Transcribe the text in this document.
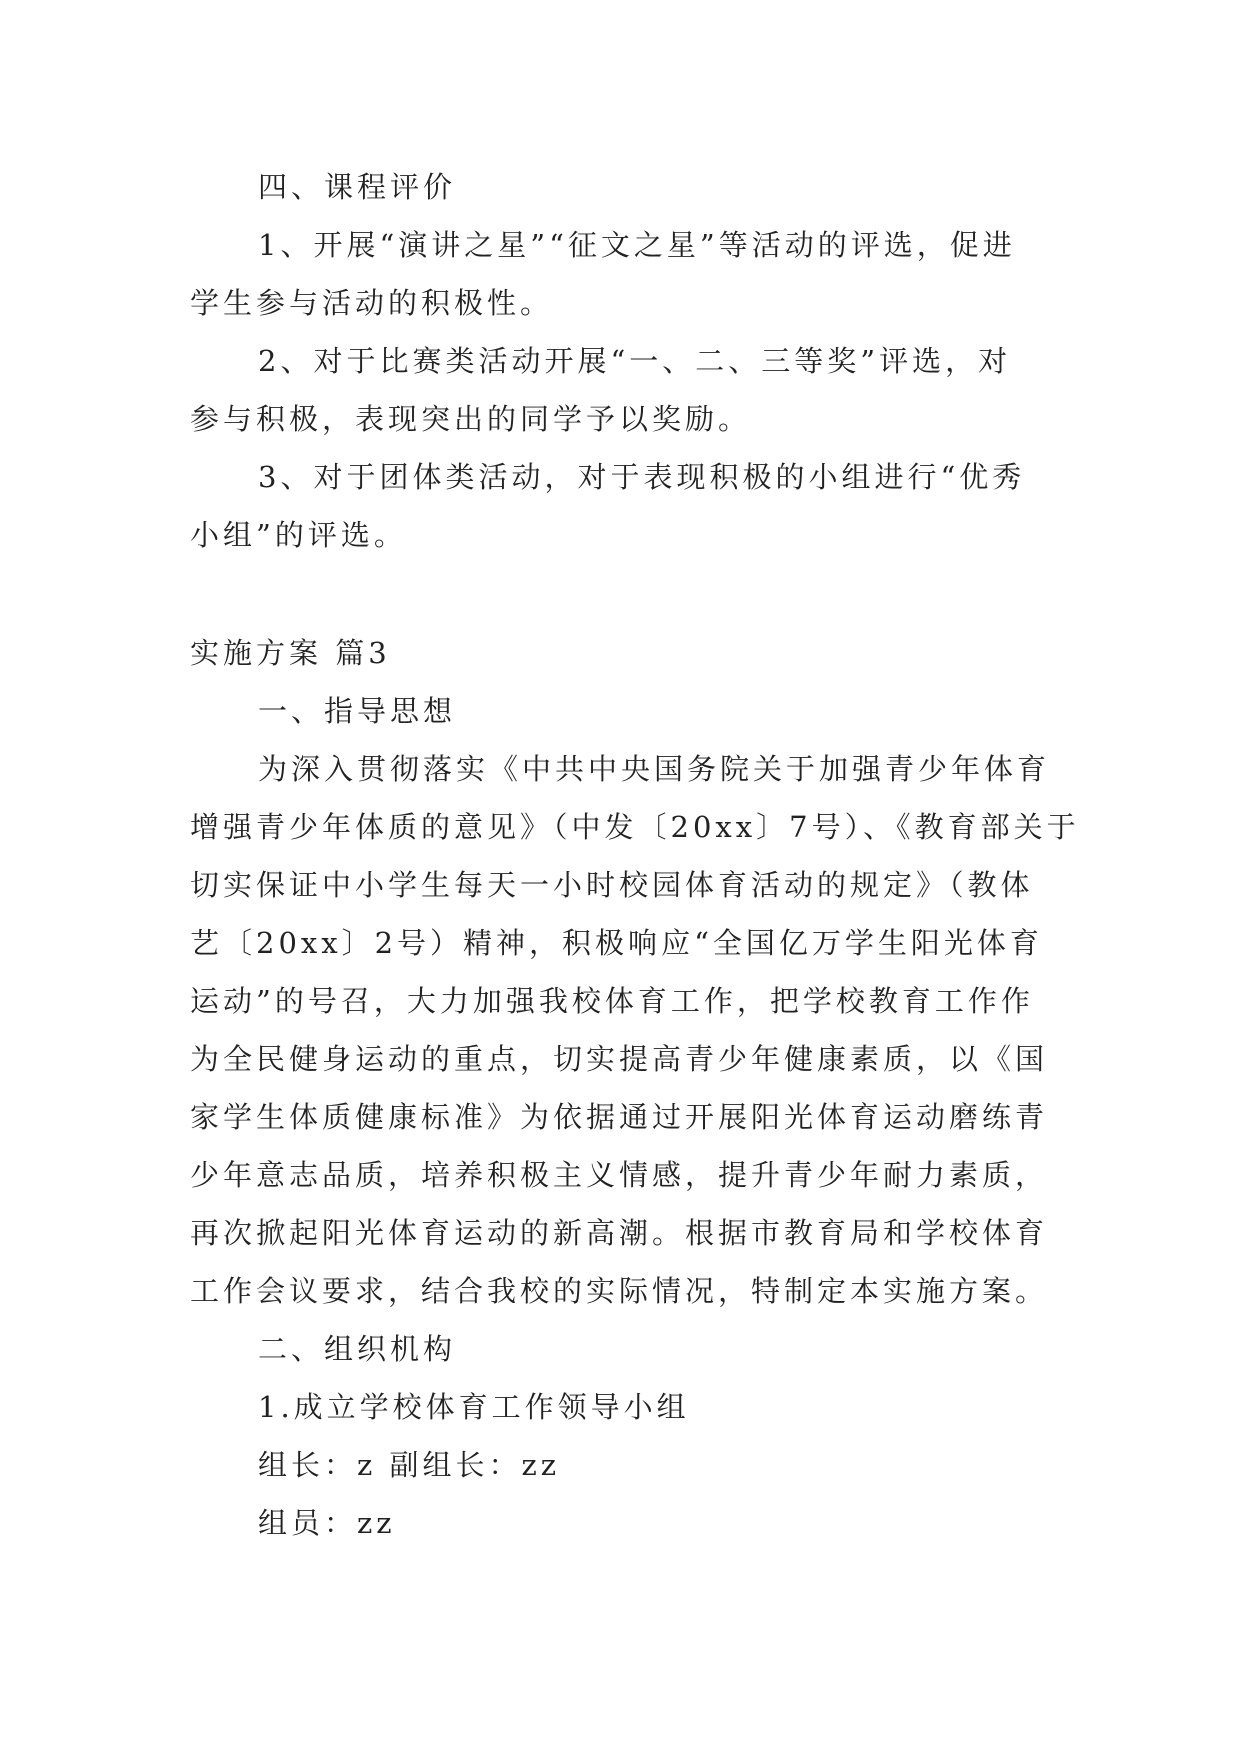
四、课程评价
1、开展“演讲之星”“征文之星”等活动的评选，促进
学生参与活动的积极性。
2、对于比赛类活动开展“一、二、三等奖”评选，对
参与积极，表现突出的同学予以奖励。
3、对于团体类活动，对于表现积极的小组进行“优秀
小组”的评选。
实施方案 篇3
一、指导思想
为深入贯彻落实《中共中央国务院关于加强青少年体育
增强青少年体质的意见》（中发〔20xx〕7号）、《教育部关于
切实保证中小学生每天一小时校园体育活动的规定》（教体
艺〔20xx〕2号）精神，积极响应“全国亿万学生阳光体育
运动”的号召，大力加强我校体育工作，把学校教育工作作
为全民健身运动的重点，切实提高青少年健康素质，以《国
家学生体质健康标准》为依据通过开展阳光体育运动磨练青
少年意志品质，培养积极主义情感，提升青少年耐力素质，
再次掀起阳光体育运动的新高潮。根据市教育局和学校体育
工作会议要求，结合我校的实际情况，特制定本实施方案。
二、组织机构
1.成立学校体育工作领导小组
组长：z 副组长：zz
组员：zz
